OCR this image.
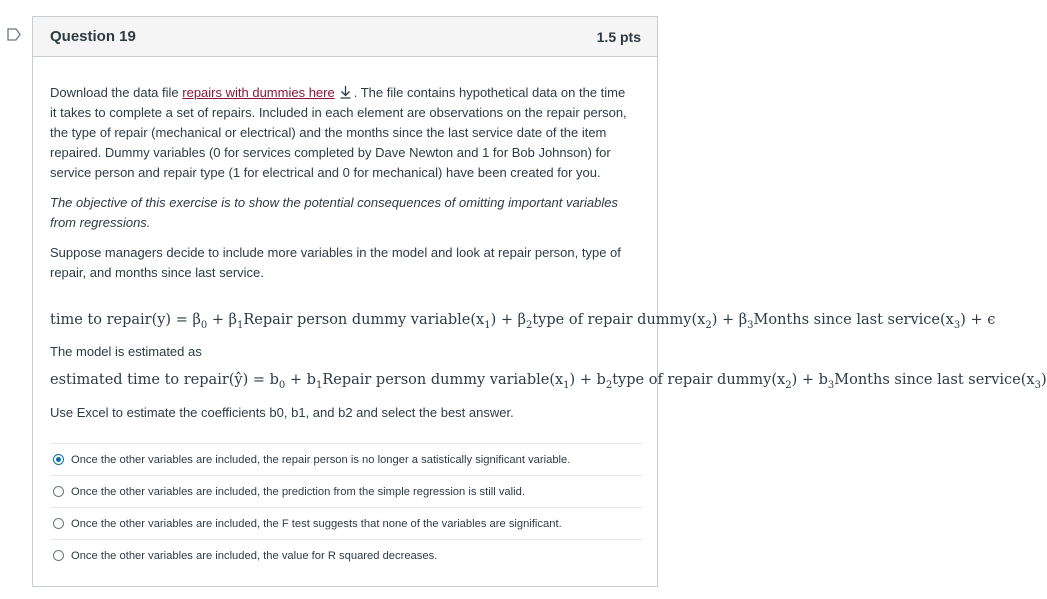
Question 19	1.5 pts

Download the data file repairs with dummies here . The file contains hypothetical data on the time it takes to complete a set of repairs. Included in each element are observations on the repair person, the type of repair (mechanical or electrical) and the months since the last service date of the item repaired. Dummy variables (0 for services completed by Dave Newton and 1 for Bob Johnson) for service person and repair type (1 for electrical and 0 for mechanical) have been created for you.

The objective of this exercise is to show the potential consequences of omitting important variables from regressions.

Suppose managers decide to include more variables in the model and look at repair person, type of repair, and months since last service.

time to repair(y) = $\beta_0$ + $\beta_1Repair$ person dummy $variable(x_1)$ + $\beta_2type$ of repair $dummy(x_2)$ + $\beta_3Months$ since last $service(x_3) + \epsilon$
The model is estimated as
estimated time to repair(ŷ) = $b_0$ + $b_1Repair$ person dummy $variable(x_1)$ + $b_2type$ of repair $dummy(x_2)$ + $b_3Months$ since last $service(x_3)$
Use Excel to estimate the coefficients b0, b1, and b2 and select the best answer.
Once the other variables are included, the repair person is no longer a satistically significant variable.
Once the other variables are included, the prediction from the simple regression is still valid.
Once the other variables are included, the F test suggests that none of the variables are significant.
Once the other variables are included, the value for R squared decreases.
